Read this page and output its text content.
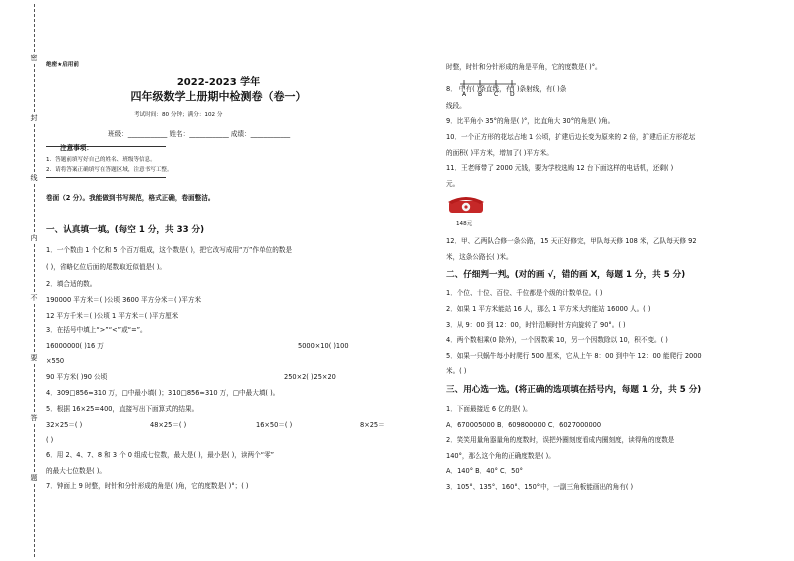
密
封
线
内
不
要
答
题
绝密★启用前
2022-2023 学年
四年级数学上册期中检测卷（卷一）
考试时间：80 分钟；满分：102 分
班级：____________ 姓名：____________ 成绩：____________
注意事项：
1．答题前填写好自己的姓名、班级等信息。
2．请将答案正确填写在答题区域，注意书写工整。
卷面（2 分）。我能做到书写规范，格式正确，卷面整洁。
一、认真填一填。(每空 1 分，共 33 分)
1．一个数由 1 个亿和 5 个百万组成，这个数是( )，把它改写成用“万”作单位的数是
( )，省略亿位后面的尾数取近似值是( )。
2．填合适的数。
190000 平方米＝( )公顷 3600 平方分米＝( )平方米
12 平方千米＝( )公顷 1 平方米＝( )平方厘米
3．在括号中填上“>”“<”或“=”。
16000000( )16 万	5000×10( )100
×550
90 平方米( )90 公顷	250×2( )25×20
4．309□856≈310 万，□中最小填( )；310□856≈310 万，□中最大填( )。
5．根据 16×25=400，直接写出下面算式的结果。
32×25＝( )	48×25＝( )	16×50＝( )	8×25＝
( )
6．用 2、4、7、8 和 3 个 0 组成七位数，最大是( )，最小是( )，读两个“零”
的最大七位数是( )。
7．钟面上 9 时整，时针和分针形成的角是( )角，它的度数是( )°；( )
时整，时针和分针形成的角是平角，它的度数是( )°。
8． 中有( )条直线，有( )条射线，有( )条
A B C D
线段。
9．比平角小 35°的角是( )°，比直角大 30°的角是( )角。
10．一个正方形的花坛占地 1 公顷，扩建后边长变为原来的 2 倍，扩建后正方形花坛
的面积( )平方米，增加了( )平方米。
11．王老师带了 2000 元钱，要为学校选购 12 台下面这样的电话机，还剩( )
元。
148元
12．甲、乙两队合修一条公路，15 天正好修完，甲队每天修 108 米，乙队每天修 92
米，这条公路长( )米。
二、仔细判一判。(对的画 √，错的画 X，每题 1 分，共 5 分)
1．个位、十位、百位、千位都是个级的计数单位。( )
2．如果 1 平方米能站 16 人，那么 1 平方米大约能站 16000 人。( )
3．从 9：00 到 12：00，时针沿顺时针方向旋转了 90°。( )
4．两个数相乘(0 除外)，一个因数乘 10，另一个因数除以 10，积不变。( )
5．如果一只蜗牛每小时爬行 500 厘米，它从上午 8：00 到中午 12：00 能爬行 2000
米。( )
三、用心选一选。(将正确的选项填在括号内，每题 1 分，共 5 分)
1．下面最接近 6 亿的是( )。
A．670005000 B．609800000 C．6027000000
2．笑笑用量角器量角的度数时，误把外圈刻度看成内圈刻度，读得角的度数是
140°，那么这个角的正确度数是( )。
A．140° B．40° C．50°
3．105°、135°、160°、150°中，一副三角板能画出的角有( )
